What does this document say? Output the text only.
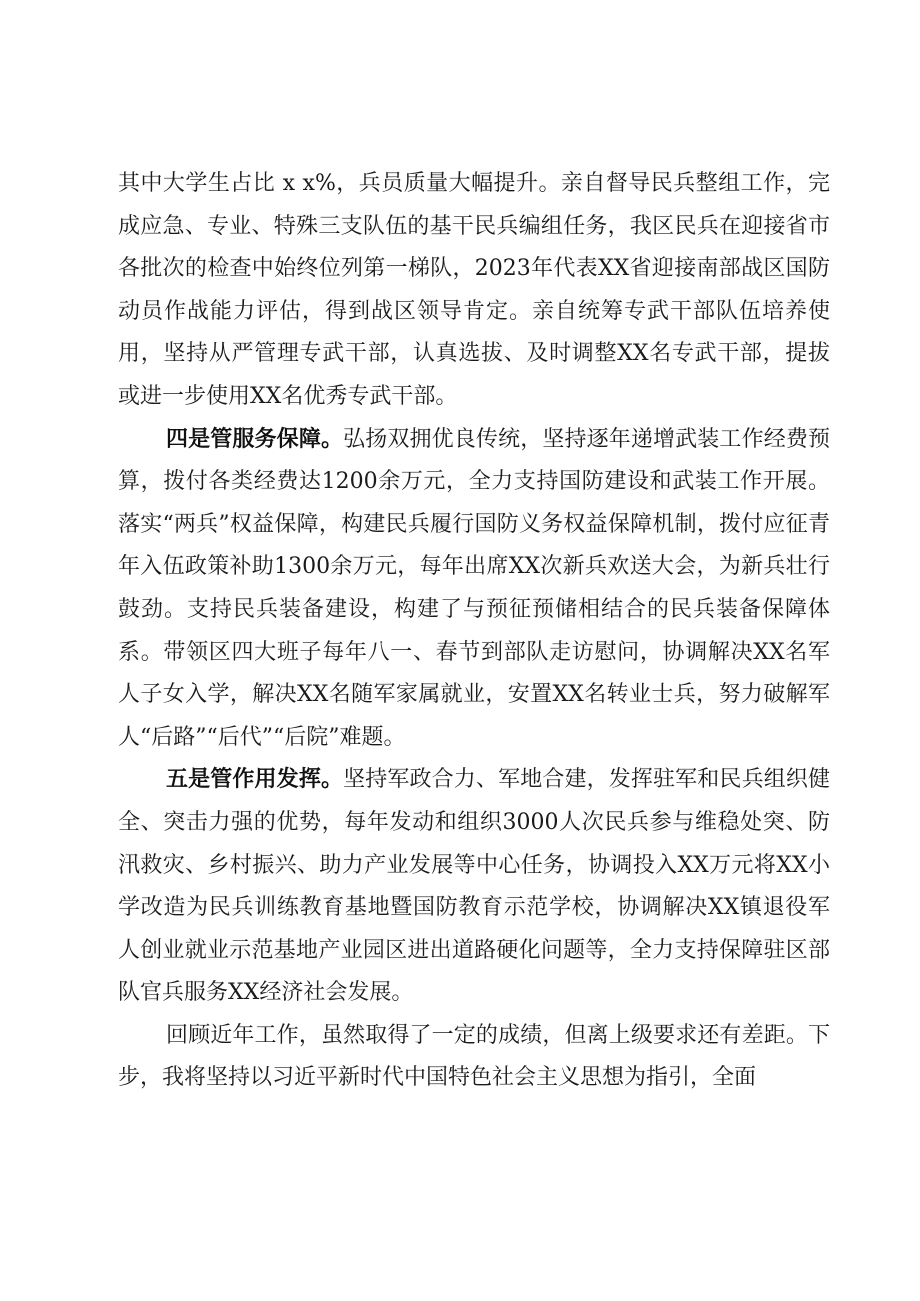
其中大学生占比 x x%，兵员质量大幅提升。亲自督导民兵整组工作，完成应急、专业、特殊三支队伍的基干民兵编组任务，我区民兵在迎接省市各批次的检查中始终位列第一梯队，2023年代表XX省迎接南部战区国防动员作战能力评估，得到战区领导肯定。亲自统筹专武干部队伍培养使用，坚持从严管理专武干部，认真选拔、及时调整XX名专武干部，提拔或进一步使用XX名优秀专武干部。

四是管服务保障。弘扬双拥优良传统，坚持逐年递增武装工作经费预算，拨付各类经费达1200余万元，全力支持国防建设和武装工作开展。落实“两兵”权益保障，构建民兵履行国防义务权益保障机制，拨付应征青年入伍政策补助1300余万元，每年出席XX次新兵欢送大会，为新兵壮行鼓劲。支持民兵装备建设，构建了与预征预储相结合的民兵装备保障体系。带领区四大班子每年八一、春节到部队走访慰问，协调解决XX名军人子女入学，解决XX名随军家属就业，安置XX名转业士兵，努力破解军人“后路”“后代”“后院”难题。

五是管作用发挥。坚持军政合力、军地合建，发挥驻军和民兵组织健全、突击力强的优势，每年发动和组织3000人次民兵参与维稳处突、防汛救灾、乡村振兴、助力产业发展等中心任务，协调投入XX万元将XX小学改造为民兵训练教育基地暨国防教育示范学校，协调解决XX镇退役军人创业就业示范基地产业园区进出道路硬化问题等，全力支持保障驻区部队官兵服务XX经济社会发展。

回顾近年工作，虽然取得了一定的成绩，但离上级要求还有差距。下步，我将坚持以习近平新时代中国特色社会主义思想为指引，全面
